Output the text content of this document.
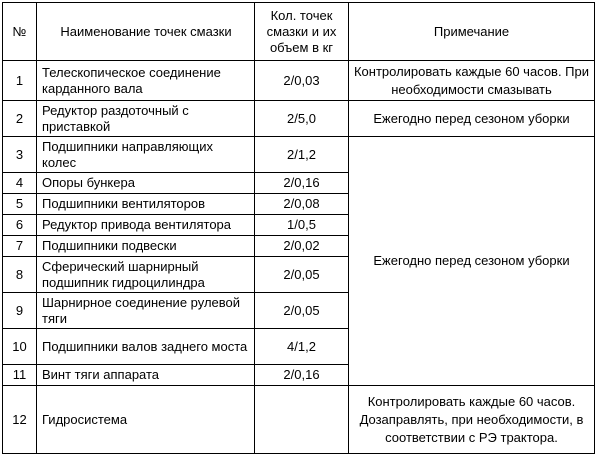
№	Наименование точек смазки	Кол. точек смазки и их объем в кг	Примечание
1	Телескопическое соединение карданного вала	2/0,03	Контролировать каждые 60 часов. При необходимости смазывать

2	Редуктор раздоточный с приставкой	2/5,0	Ежегодно перед сезоном уборки
3	Подшипники направляющих колес	2/1,2	Ежегодно перед сезоном уборки
4	Опоры бункера	2/0,16	
5	Подшипники вентиляторов	2/0,08	
6	Редуктор привода вентилятора	1/0,5	
7	Подшипники подвески	2/0,02	
8	Сферический шарнирный подшипник гидроцилиндра	2/0,05	
9	Шарнирное соединение рулевой тяги	2/0,05	
10	Подшипники валов заднего моста	4/1,2	
11	Винт тяги аппарата	2/0,16	
12	Гидросистема		Контролировать каждые 60 часов. Дозаправлять, при необходимости, в соответствии с РЭ трактора.
